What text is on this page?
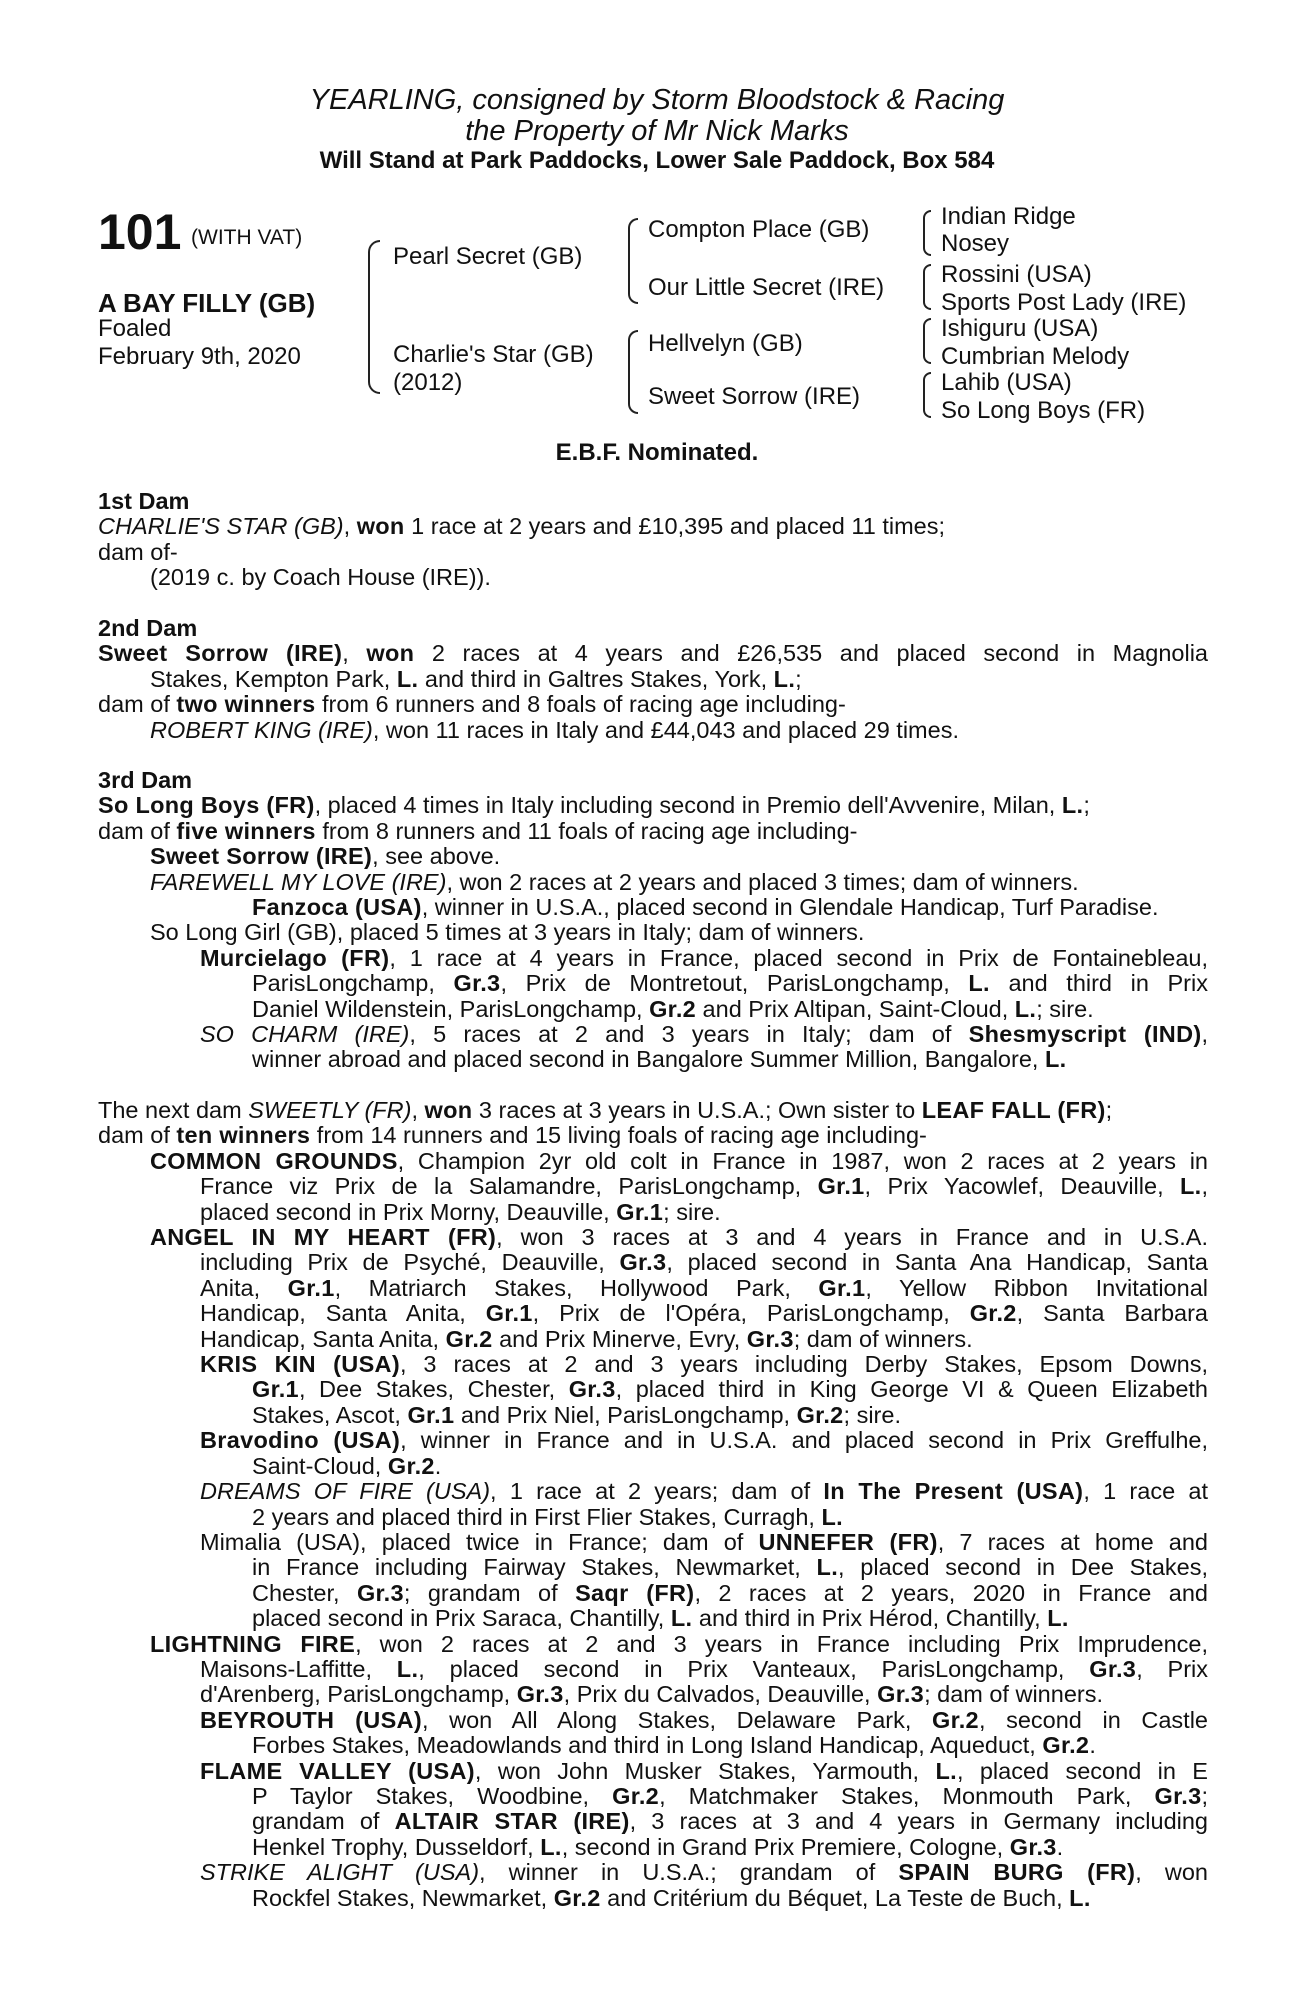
YEARLING, consigned by Storm Bloodstock & Racing
the Property of Mr Nick Marks
Will Stand at Park Paddocks, Lower Sale Paddock, Box 584
101 (WITH VAT)
A BAY FILLY (GB)
Foaled
February 9th, 2020
Pearl Secret (GB)
Charlie's Star (GB)
(2012)
Compton Place (GB)
Our Little Secret (IRE)
Hellvelyn (GB)
Sweet Sorrow (IRE)
Indian Ridge
Nosey
Rossini (USA)
Sports Post Lady (IRE)
Ishiguru (USA)
Cumbrian Melody
Lahib (USA)
So Long Boys (FR)
E.B.F. Nominated.
1st Dam
CHARLIE'S STAR (GB), won 1 race at 2 years and £10,395 and placed 11 times;
dam of-
(2019 c. by Coach House (IRE)).
2nd Dam
Sweet Sorrow (IRE), won 2 races at 4 years and £26,535 and placed second in Magnolia
Stakes, Kempton Park, L. and third in Galtres Stakes, York, L.;
dam of two winners from 6 runners and 8 foals of racing age including-
ROBERT KING (IRE), won 11 races in Italy and £44,043 and placed 29 times.
3rd Dam
So Long Boys (FR), placed 4 times in Italy including second in Premio dell'Avvenire, Milan, L.;
dam of five winners from 8 runners and 11 foals of racing age including-
Sweet Sorrow (IRE), see above.
FAREWELL MY LOVE (IRE), won 2 races at 2 years and placed 3 times; dam of winners.
Fanzoca (USA), winner in U.S.A., placed second in Glendale Handicap, Turf Paradise.
So Long Girl (GB), placed 5 times at 3 years in Italy; dam of winners.
Murcielago (FR), 1 race at 4 years in France, placed second in Prix de Fontainebleau,
ParisLongchamp, Gr.3, Prix de Montretout, ParisLongchamp, L. and third in Prix
Daniel Wildenstein, ParisLongchamp, Gr.2 and Prix Altipan, Saint-Cloud, L.; sire.
SO CHARM (IRE), 5 races at 2 and 3 years in Italy; dam of Shesmyscript (IND),
winner abroad and placed second in Bangalore Summer Million, Bangalore, L.
The next dam SWEETLY (FR), won 3 races at 3 years in U.S.A.; Own sister to LEAF FALL (FR);
dam of ten winners from 14 runners and 15 living foals of racing age including-
COMMON GROUNDS, Champion 2yr old colt in France in 1987, won 2 races at 2 years in
France viz Prix de la Salamandre, ParisLongchamp, Gr.1, Prix Yacowlef, Deauville, L.,
placed second in Prix Morny, Deauville, Gr.1; sire.
ANGEL IN MY HEART (FR), won 3 races at 3 and 4 years in France and in U.S.A.
including Prix de Psyché, Deauville, Gr.3, placed second in Santa Ana Handicap, Santa
Anita, Gr.1, Matriarch Stakes, Hollywood Park, Gr.1, Yellow Ribbon Invitational
Handicap, Santa Anita, Gr.1, Prix de l'Opéra, ParisLongchamp, Gr.2, Santa Barbara
Handicap, Santa Anita, Gr.2 and Prix Minerve, Evry, Gr.3; dam of winners.
KRIS KIN (USA), 3 races at 2 and 3 years including Derby Stakes, Epsom Downs,
Gr.1, Dee Stakes, Chester, Gr.3, placed third in King George VI & Queen Elizabeth
Stakes, Ascot, Gr.1 and Prix Niel, ParisLongchamp, Gr.2; sire.
Bravodino (USA), winner in France and in U.S.A. and placed second in Prix Greffulhe,
Saint-Cloud, Gr.2.
DREAMS OF FIRE (USA), 1 race at 2 years; dam of In The Present (USA), 1 race at
2 years and placed third in First Flier Stakes, Curragh, L.
Mimalia (USA), placed twice in France; dam of UNNEFER (FR), 7 races at home and
in France including Fairway Stakes, Newmarket, L., placed second in Dee Stakes,
Chester, Gr.3; grandam of Saqr (FR), 2 races at 2 years, 2020 in France and
placed second in Prix Saraca, Chantilly, L. and third in Prix Hérod, Chantilly, L.
LIGHTNING FIRE, won 2 races at 2 and 3 years in France including Prix Imprudence,
Maisons-Laffitte, L., placed second in Prix Vanteaux, ParisLongchamp, Gr.3, Prix
d'Arenberg, ParisLongchamp, Gr.3, Prix du Calvados, Deauville, Gr.3; dam of winners.
BEYROUTH (USA), won All Along Stakes, Delaware Park, Gr.2, second in Castle
Forbes Stakes, Meadowlands and third in Long Island Handicap, Aqueduct, Gr.2.
FLAME VALLEY (USA), won John Musker Stakes, Yarmouth, L., placed second in E
P Taylor Stakes, Woodbine, Gr.2, Matchmaker Stakes, Monmouth Park, Gr.3;
grandam of ALTAIR STAR (IRE), 3 races at 3 and 4 years in Germany including
Henkel Trophy, Dusseldorf, L., second in Grand Prix Premiere, Cologne, Gr.3.
STRIKE ALIGHT (USA), winner in U.S.A.; grandam of SPAIN BURG (FR), won
Rockfel Stakes, Newmarket, Gr.2 and Critérium du Béquet, La Teste de Buch, L.
